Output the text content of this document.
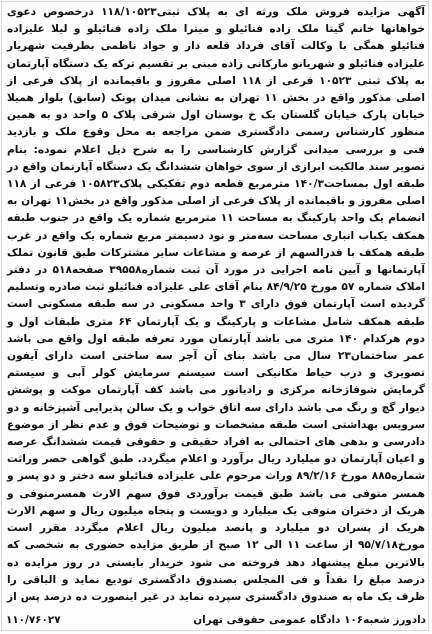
آگهی مزایده فروش ملک ورثه ای به پلاک ثبتی۱۱۸/۱۰۵۲۳ درخصوص دعوی خواهانها خانم گیتا ملک زاده فنائیلو و میترا ملک زاده فنائیلو و لیلا علیزاده فنائیلو همگی با وکالت آقای فرداد قلعه دار و جواد ناظمی بطرفیت شهریار علیزاده فنائیلو و شهریانو مارکانی زاده مبنی بر تقسیم ترکه یک دستگاه آپارتمان به پلاک ثبتی ۱۰۵۲۳ فرعی از ۱۱۸ اصلی مفروز و باقیمانده از پلاک فرعی از اصلی مذکور واقع در بخش ۱۱ تهران به نشانی میدان پونک (سابق) بلوار همیلا خیابان پارک خیابان گلستان یک خ بوستان اول شرقی پلاک ۵ واحد دو به همین منظور کارشناس رسمی دادگستری ضمن مراجعه به محل وقوع ملک و بازدید فنی و بررسی میدانی گزارش کارشناسی را به شرح ذیل اعلام نموده: بنام تصویر سند مالکیت ابرازی از سوی خواهان ششدانگ یک دستگاه آپارتمان واقع در طبقه اول بمساحت۱۴۰/۳ مترمربع قطعه دوم تفکیکی پلاک۱۰۵۸۲۳ فرعی از ۱۱۸ اصلی مفروز و باقیمانده از پلاک فرعی از اصلی مذکور واقع در بخش۱۱ تهران به انضمام یک واحد پارکینگ به مساحت ۱۱ مترمربع شماره یک واقع در جنوب طبقه همکف یکباب انباری مساحت سه‌متر و نود دسیمتر مربع شماره یک واقع در غرب طبقه همکف با قدرالسهم از عرصه و مشاعات سایر مشترکات طبق قانون تملک آپارتمانها و آیین نامه اجرایی در مورد آن ثبت شماره۳۹۵۵۸ صفحه۵۱۸ در دفتر املاک شماره ۵۷ مورخ ۸۴/۹/۲۵ بنام آقای علی علیزاده فنائیلو ثبت صادره وتسلیم گردیده است آپارتمان فوق دارای ۳ واحد مسکونی در سه طبقه مسکونی است طبقه همکف شامل مشاعات و پارکینگ و یک آپارتمان ۶۴ متری طبقات اول و دوم هرکدام ۱۴۰ متری می باشد آپارتمان مورد تعرفه طبقه اول واقع می باشد عمر ساختمان۲۳ سال می باشد بنای آن آجر سه ساختی است دارای آیفون تصویری و درب حیاط مکانیکی است سیستم سرمایش کولر آبی و سیستم گرمایش شوفاژخانه مرکزی و رادیاتور می باشد کف آپارتمان موکت و پوشش دیوار گچ و رنگ می باشد دارای سه اتاق خواب و یک سالن پذیرایی آشپزخانه و دو سرویس بهداشتی است طبقه مشخصات و توضیحات فوق و عدم نظر از موضوع دادرسی و بدهی های احتمالی به افراد حقیقی و حقوقی قیمت ششدانگ عرصه و اعیان آپارتمان دو میلیارد ریال برآورد و اعلام میگردد. طبق گواهی حصر وراثت شماره۸۸۵ مورخ ۸۹/۲/۱۶ وراث مرحوم علی علیزاده فنائیلو سه دختر و دو پسر و همسر متوفی می باشد طبق قیمت برآوردی فوق سهم الارث همسرمتوفی و هریک از دختران متوفی یک میلیارد و دویست و پنجاه میلیون ریال و سهم الارث هریک از پسران دو میلیارد و پانصد میلیون ریال اعلام میگردد مقرر است مورخ۹۵/۷/۱۸ از ساعت ۱۱ الی ۱۲ صبح از طریق مزایده حضوری به شخصی که بالاترین مبلغ پیشنهاد دهد فروخته می شود خریدار بایستی در روز مزایده ده درصد مبلغ را نقداً و فی المجلس بصندوق دادگستری تودیع نماید و الباقی را ظرف یک ماه به صندوق دادگستری سپرده نماید در غیر اینصورت ده درصد پس از

دادورز شعبه۱۰۶ دادگاه عمومی حقوقی تهران
۱۱۰/۷۶۰۲۷
